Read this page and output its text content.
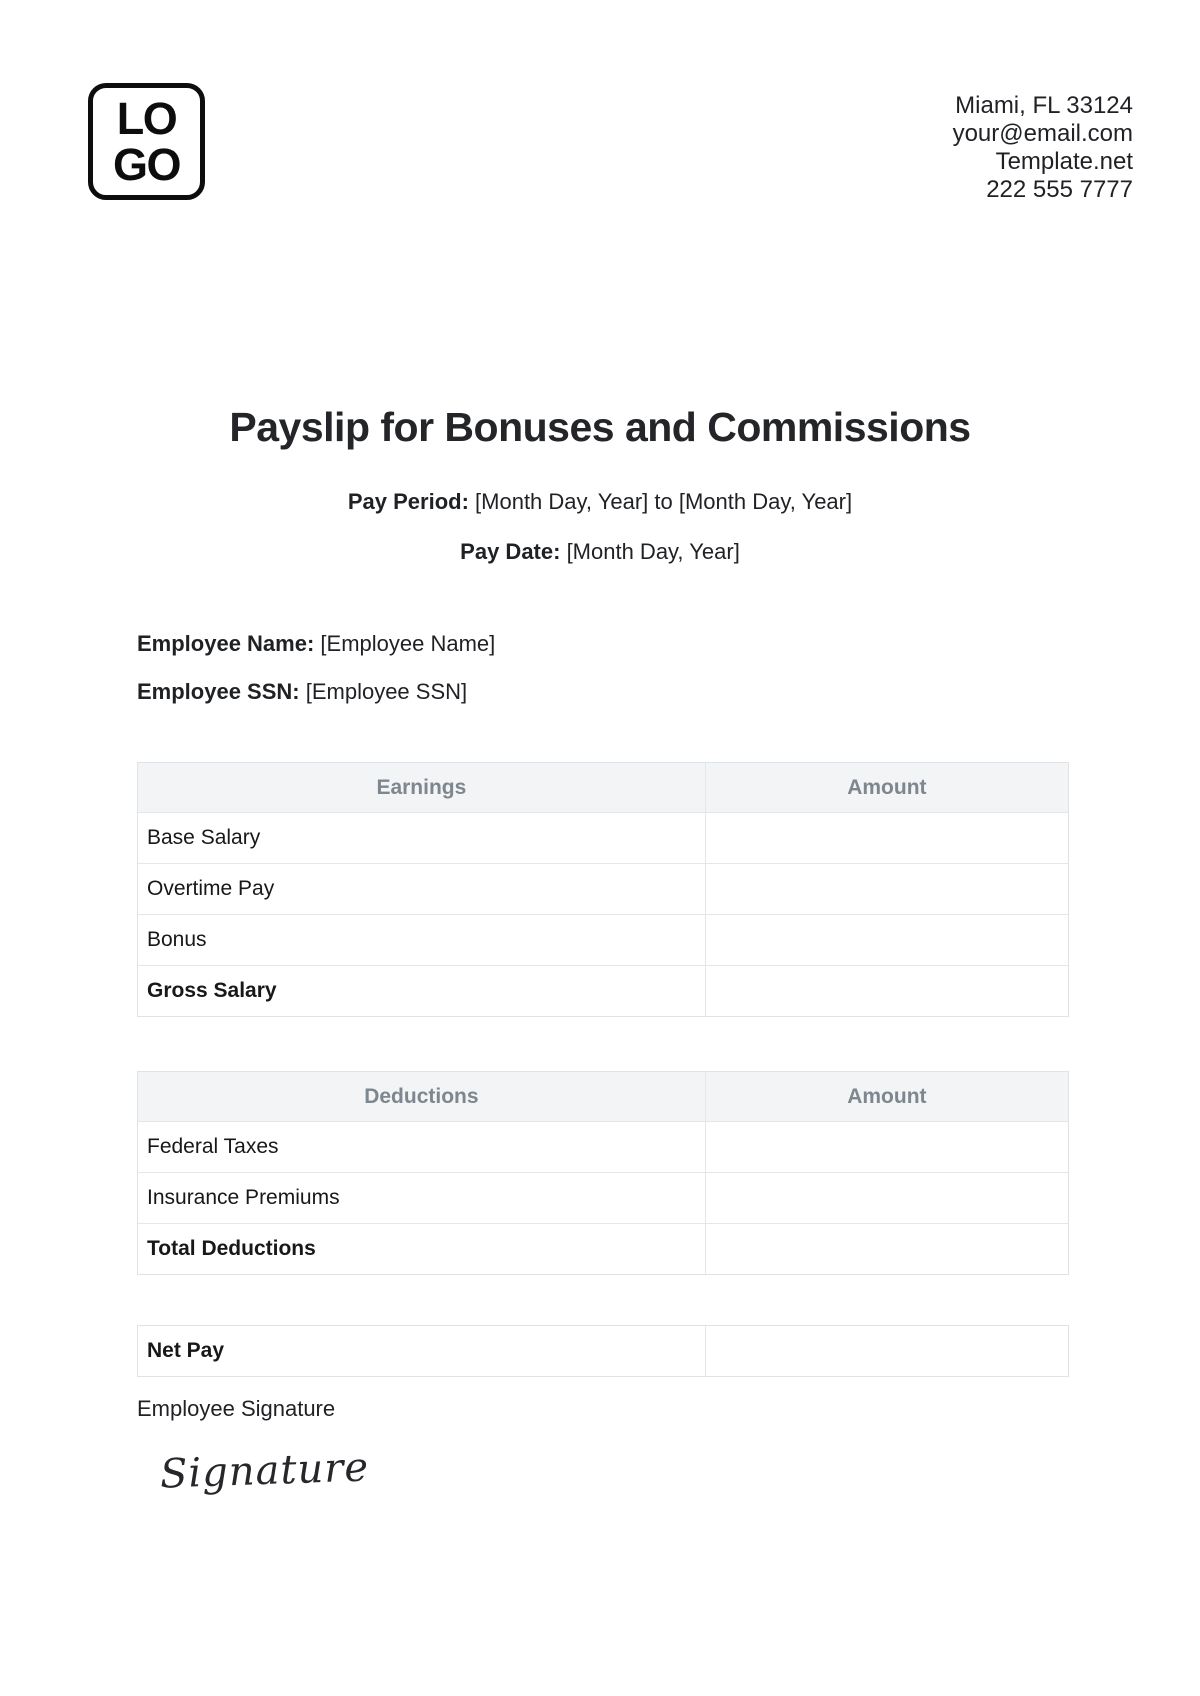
LO
GO
Miami, FL 33124
your@email.com
Template.net
222 555 7777
Payslip for Bonuses and Commissions
Pay Period: [Month Day, Year] to [Month Day, Year]
Pay Date: [Month Day, Year]
Employee Name: [Employee Name]
Employee SSN: [Employee SSN]
Earnings	Amount
Base Salary
Overtime Pay
Bonus
Gross Salary
Deductions	Amount
Federal Taxes
Insurance Premiums
Total Deductions
Net Pay
Employee Signature
Signature
